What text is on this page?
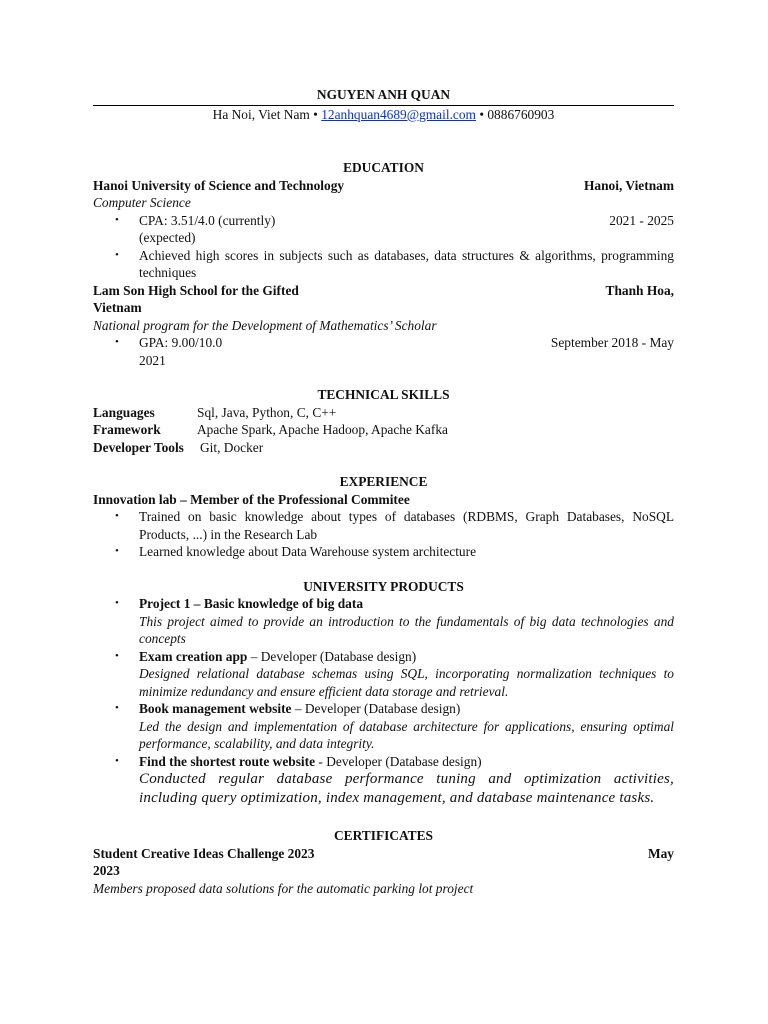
NGUYEN ANH QUAN

Ha Noi, Viet Nam • 12anhquan4689@gmail.com • 0886760903

EDUCATION

Hanoi University of Science and Technology	Hanoi, Vietnam

Computer Science

• CPA: 3.51/4.0 (currently)	2021 - 2025
(expected)
• Achieved high scores in subjects such as databases, data structures & algorithms, programming techniques
Lam Son High School for the Gifted	Thanh Hoa,

Vietnam

National program for the Development of Mathematics’ Scholar

• GPA: 9.00/10.0	September 2018 - May
2021

TECHNICAL SKILLS

Languages	Sql, Java, Python, C, C++
Framework	Apache Spark, Apache Hadoop, Apache Kafka
Developer Tools	Git, Docker

EXPERIENCE

Innovation lab – Member of the Professional Commitee

• Trained on basic knowledge about types of databases (RDBMS, Graph Databases, NoSQL Products, ...) in the Research Lab
• Learned knowledge about Data Warehouse system architecture

UNIVERSITY PRODUCTS

• Project 1 – Basic knowledge of big data
This project aimed to provide an introduction to the fundamentals of big data technologies and concepts
• Exam creation app – Developer (Database design)
Designed relational database schemas using SQL, incorporating normalization techniques to minimize redundancy and ensure efficient data storage and retrieval.
• Book management website – Developer (Database design)
Led the design and implementation of database architecture for applications, ensuring optimal performance, scalability, and data integrity.
• Find the shortest route website - Developer (Database design)
Conducted regular database performance tuning and optimization activities, including query optimization, index management, and database maintenance tasks.

CERTIFICATES

Student Creative Ideas Challenge 2023	May

2023

Members proposed data solutions for the automatic parking lot project
